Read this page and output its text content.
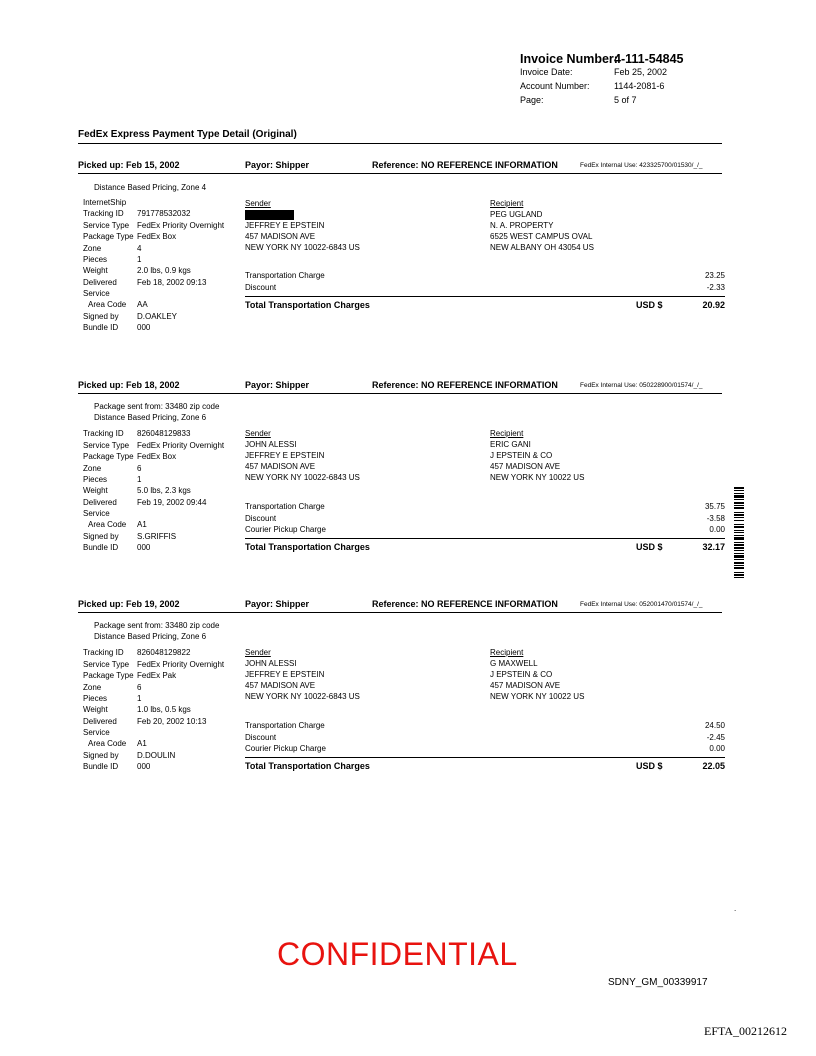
Invoice Number:
4-111-54845
Invoice Date:	Feb 25, 2002
Account Number:	1144-2081-6
Page:	5 of 7
FedEx Express Payment Type Detail (Original)
Picked up: Feb 15, 2002	Payor: Shipper	Reference: NO REFERENCE INFORMATION	FedEx Internal Use: 423325700/01530/_/_
Distance Based Pricing, Zone 4
InternetShip
Tracking ID 791778532032
Service Type FedEx Priority Overnight
Package Type FedEx Box
Zone	4
Pieces	1
Weight	2.0 lbs, 0.9 kgs
Delivered	Feb 18, 2002 09:13
Service
Area Code AA
Signed by D.OAKLEY
Bundle ID 000
Sender
JEFFREY E EPSTEIN
457 MADISON AVE
NEW YORK NY 10022-6843 US
Recipient
PEG UGLAND
N. A. PROPERTY
6525 WEST CAMPUS OVAL
NEW ALBANY OH 43054 US
Transportation Charge	23.25
Discount	-2.33
Total Transportation Charges	USD $	20.92
Picked up: Feb 18, 2002	Payor: Shipper	Reference: NO REFERENCE INFORMATION	FedEx Internal Use: 050228900/01574/_/_
Package sent from: 33480 zip code
Distance Based Pricing, Zone 6
Tracking ID 826048129833
Service Type FedEx Priority Overnight
Package Type FedEx Box
Zone	6
Pieces	1
Weight	5.0 lbs, 2.3 kgs
Delivered	Feb 19, 2002 09:44
Service
Area Code A1
Signed by S.GRIFFIS
Bundle ID 000
Sender
JOHN ALESSI
JEFFREY E EPSTEIN
457 MADISON AVE
NEW YORK NY 10022-6843 US
Recipient
ERIC GANI
J EPSTEIN & CO
457 MADISON AVE
NEW YORK NY 10022 US
Transportation Charge	35.75
Discount	-3.58
Courier Pickup Charge	0.00
Total Transportation Charges	USD $	32.17
Picked up: Feb 19, 2002	Payor: Shipper	Reference: NO REFERENCE INFORMATION	FedEx Internal Use: 052001470/01574/_/_
Package sent from: 33480 zip code
Distance Based Pricing, Zone 6
Tracking ID 826048129822
Service Type FedEx Priority Overnight
Package Type FedEx Pak
Zone	6
Pieces	1
Weight	1.0 lbs, 0.5 kgs
Delivered	Feb 20, 2002 10:13
Service
Area Code A1
Signed by D.DOULIN
Bundle ID 000
Sender
JOHN ALESSI
JEFFREY E EPSTEIN
457 MADISON AVE
NEW YORK NY 10022-6843 US
Recipient
G MAXWELL
J EPSTEIN & CO
457 MADISON AVE
NEW YORK NY 10022 US
Transportation Charge	24.50
Discount	-2.45
Courier Pickup Charge	0.00
Total Transportation Charges	USD $	22.05
.
CONFIDENTIAL
SDNY_GM_00339917
EFTA_00212612
